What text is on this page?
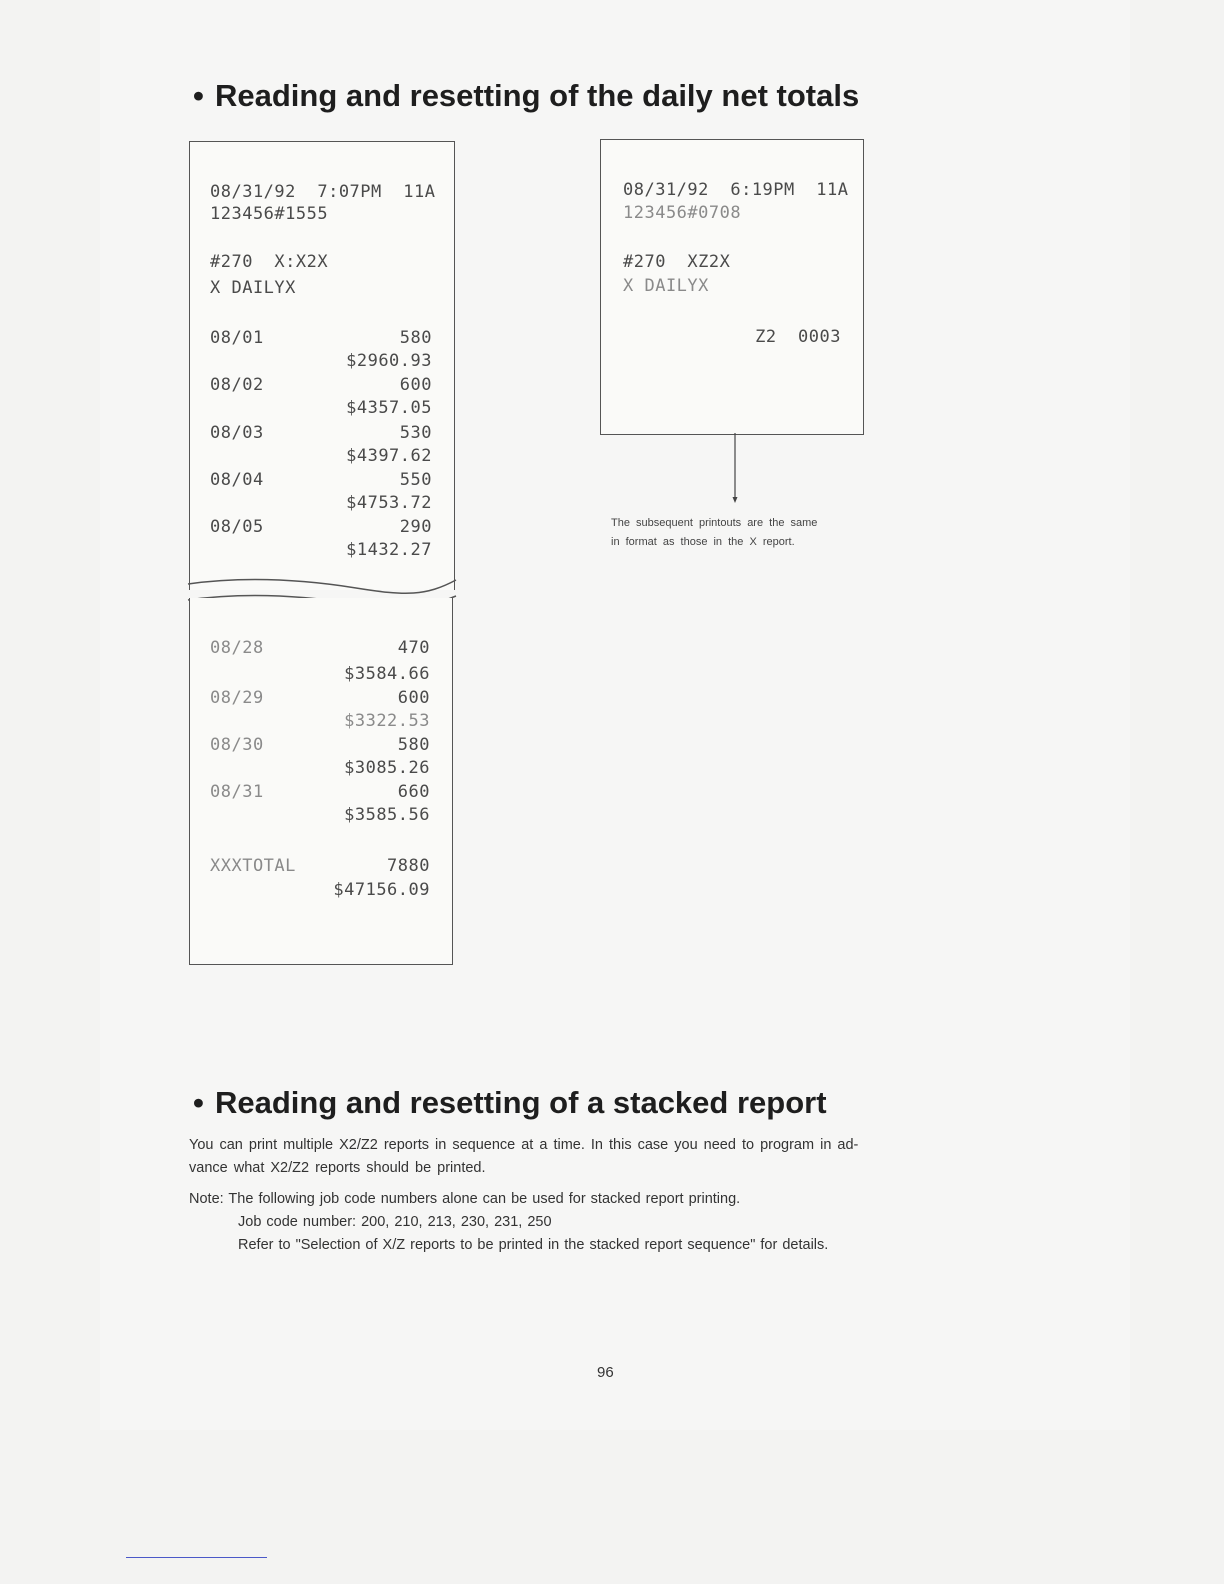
• Reading and resetting of the daily net totals
08/31/92  7:07PM  11A
123456#1555
#270  X:X2X
X DAILYX
08/01	580
$2960.93
08/02	600
$4357.05
08/03	530
$4397.62
08/04	550
$4753.72
08/05	290
$1432.27
08/28	470
$3584.66
08/29	600
$3322.53
08/30	580
$3085.26
08/31	660
$3585.56
XXXTOTAL	7880
$47156.09
08/31/92  6:19PM  11A
123456#0708
#270  XZ2X
X DAILYX
Z2  0003
The subsequent printouts are the same
in format as those in the X report.
• Reading and resetting of a stacked report

You can print multiple X2/Z2 reports in sequence at a time. In this case you need to program in ad-
vance what X2/Z2 reports should be printed.

Note: The following job code numbers alone can be used for stacked report printing.

Job code number: 200, 210, 213, 230, 231, 250

Refer to "Selection of X/Z reports to be printed in the stacked report sequence" for details.

96
